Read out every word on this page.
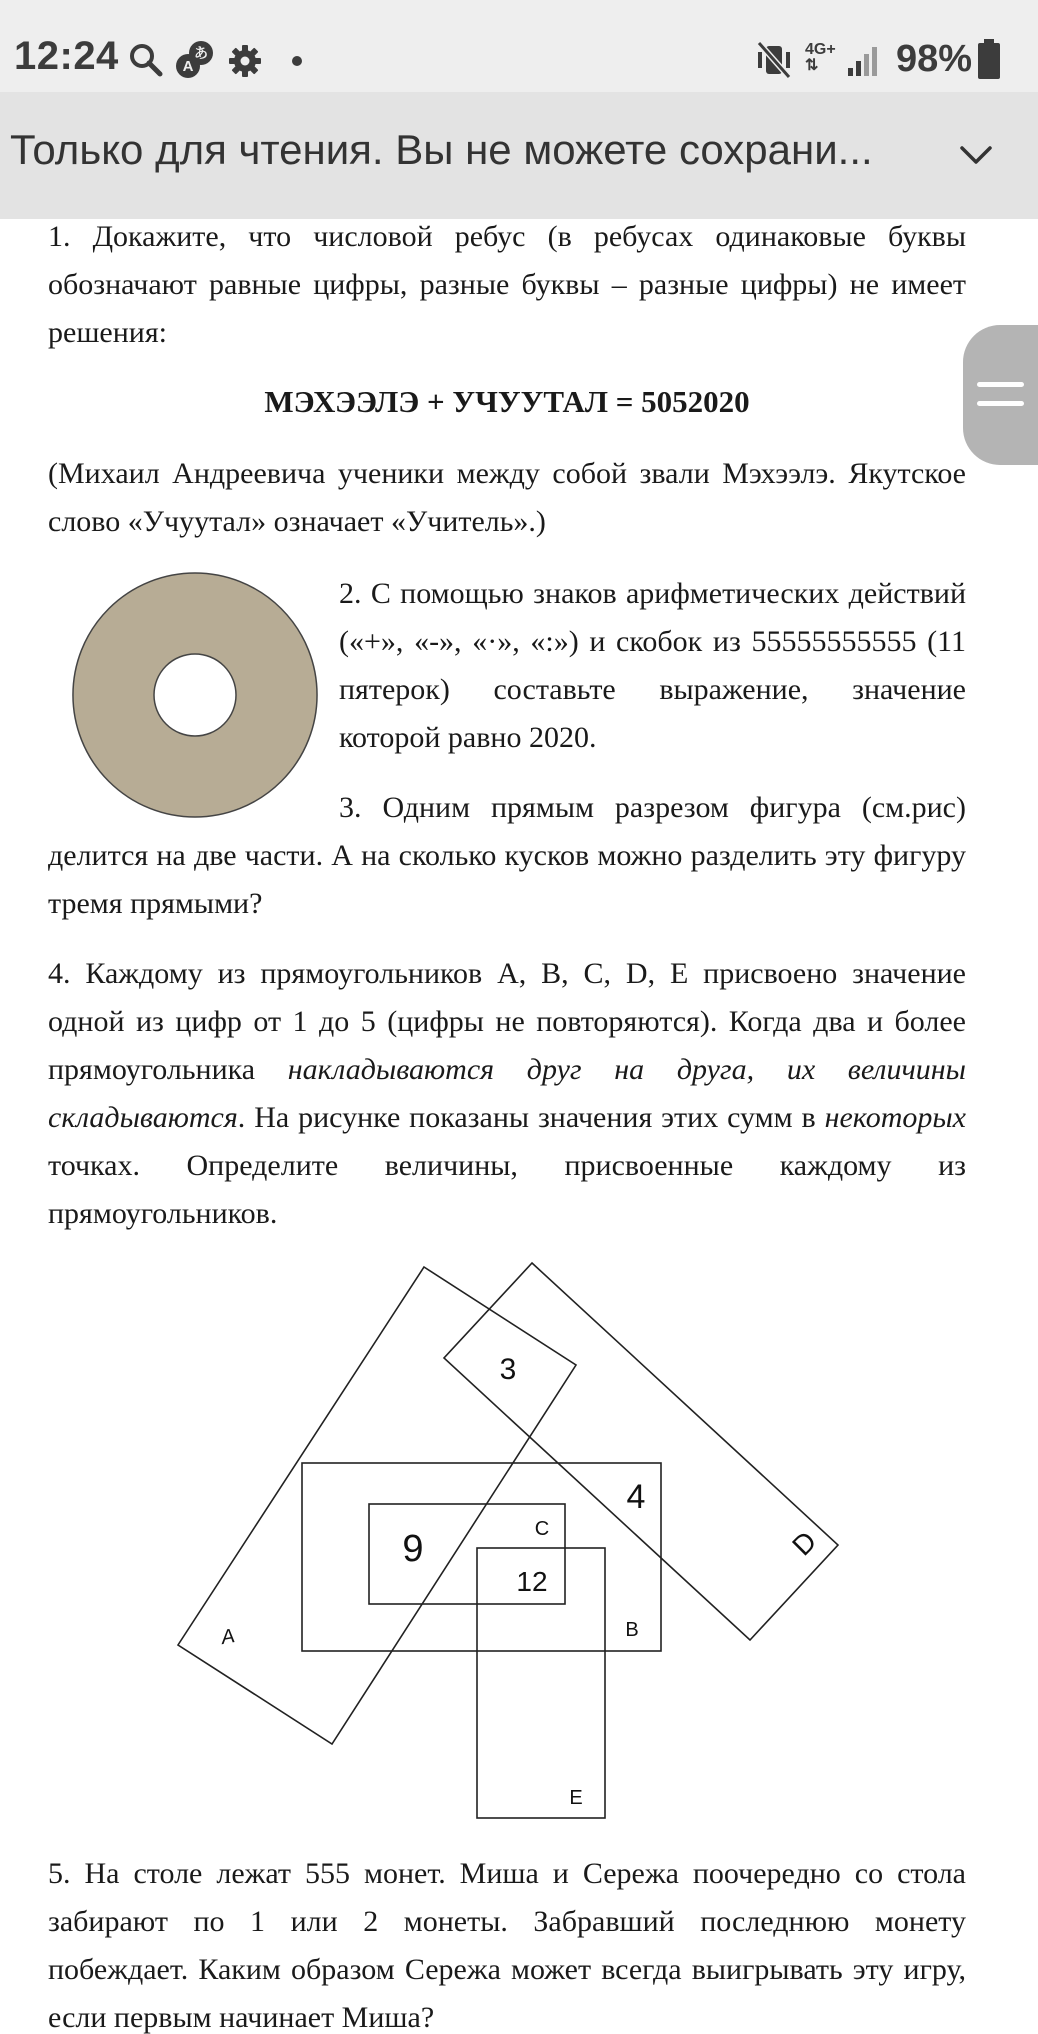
12:24	A
あ	4G+
⇅	98%
Только для чтения. Вы не можете сохрани...

1. Докажите, что числовой ребус (в ребусах одинаковые буквы обозначают равные цифры, разные буквы – разные цифры) не имеет решения:

МЭХЭЭЛЭ + УЧУУТАЛ = 5052020

(Михаил Андреевича ученики между собой звали Мэхээлэ. Якутское слово «Учуутал» означает «Учитель».)

2. С помощью знаков арифметических действий («+», «-», «·», «:») и скобок из 55555555555 (11 пятерок) составьте выражение, значение которой равно 2020.

3. Одним прямым разрезом фигура (см.рис) делится на две части. А на сколько кусков можно разделить эту фигуру тремя прямыми?

4. Каждому из прямоугольников A, B, C, D, E присвоено значение одной из цифр от 1 до 5 (цифры не повторяются). Когда два и более прямоугольника накладываются друг на друга, их величины складываются. На рисунке показаны значения этих сумм в некоторых точках. Определите величины, присвоенные каждому из прямоугольников.

3
4
9
12
C
B
E
A
D

5. На столе лежат 555 монет. Миша и Сережа поочередно со стола забирают по 1 или 2 монеты. Забравший последнюю монету побеждает. Каким образом Сережа может всегда выигрывать эту игру, если первым начинает Миша?
